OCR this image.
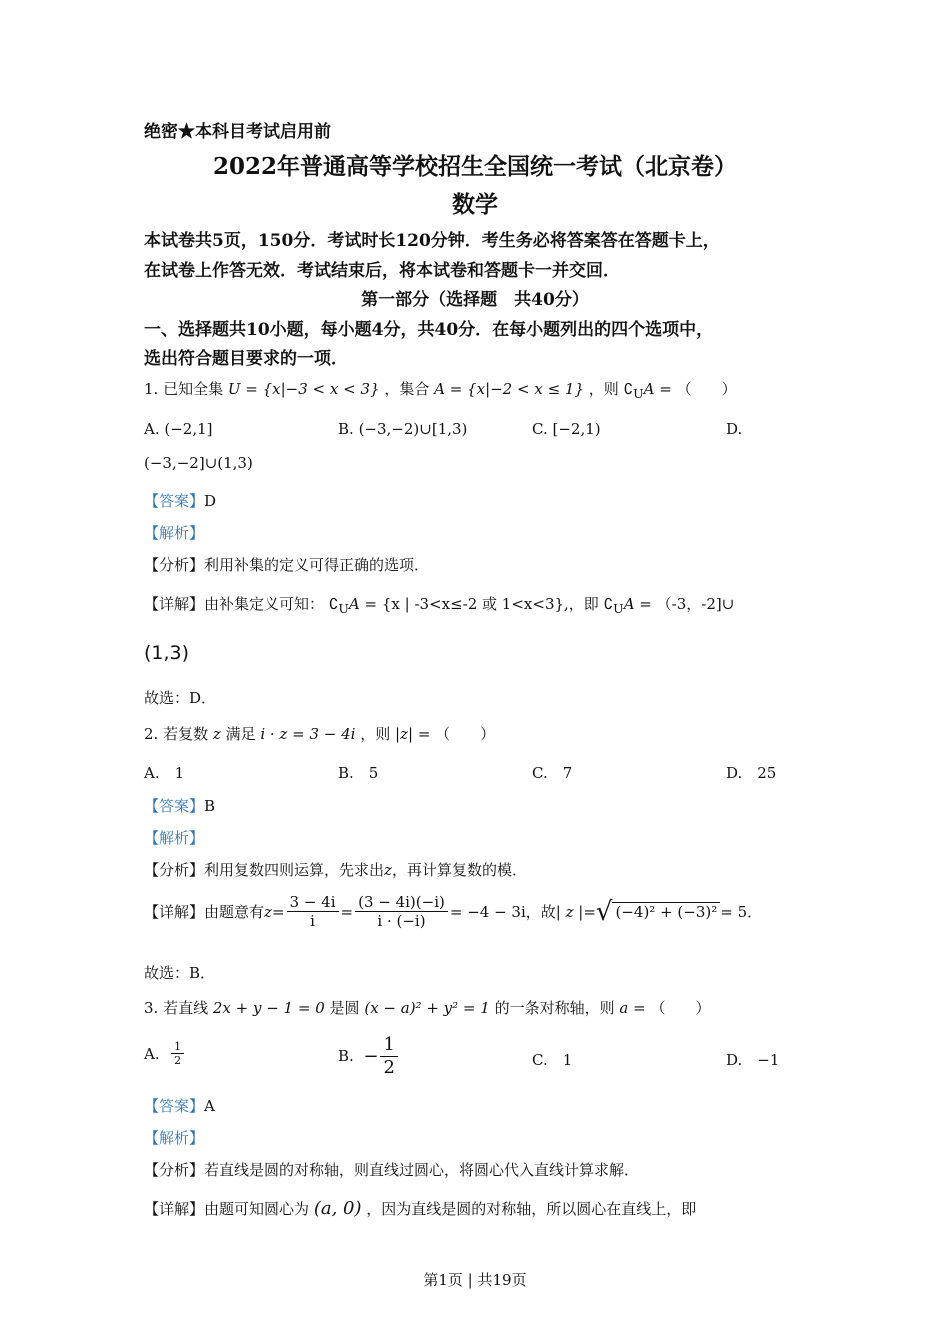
绝密★本科目考试启用前
2022年普通高等学校招生全国统一考试（北京卷）
数学
本试卷共5页，150分．考试时长120分钟．考生务必将答案答在答题卡上，
在试卷上作答无效．考试结束后，将本试卷和答题卡一并交回．
第一部分（选择题　共40分）
一、选择题共10小题，每小题4分，共40分．在每小题列出的四个选项中，
选出符合题目要求的一项．
1. 已知全集 U = {x|−3 < x < 3} ，集合 A = {x|−2 < x ≤ 1} ，则 $∁_UA$ = （　　）
A. (−2,1]	B. (−3,−2)∪[1,3)	C. [−2,1)	D.
(−3,−2]∪(1,3)
【答案】D
【解析】
【分析】利用补集的定义可得正确的选项．
【详解】由补集定义可知： $∁_UA = \{x$ | -3<x≤-2 或 1<x<3},，即 $∁_UA = (-3$，-2]∪
(1,3)
故选：D．
2. 若复数 z 满足 i · z = 3 − 4i ，则 |z| = （　　）
A.　1	B.　5	C.　7	D.　25
【答案】B
【解析】
【分析】利用复数四则运算，先求出z，再计算复数的模．
【详解】 由题意有 $z = \frac{3 - 4i}{i} = \frac{(3 - 4i)(-i)}{i \cdot (-i)} = -4 - 3i$ ，故 | z |= √ (−4)² + (−3)² = 5．
故选：B．
3. 若直线 2x + y − 1 = 0 是圆 (x − a)² + y² = 1 的一条对称轴，则 a = （　　）
A.
$\frac{1}{2}$	B.
− $\frac{1}{2}$	C.　1	D.　−1
【答案】A
【解析】
【分析】若直线是圆的对称轴，则直线过圆心，将圆心代入直线计算求解．
【详解】由题可知圆心为 (a, 0) ，因为直线是圆的对称轴，所以圆心在直线上，即
第1页 | 共19页
